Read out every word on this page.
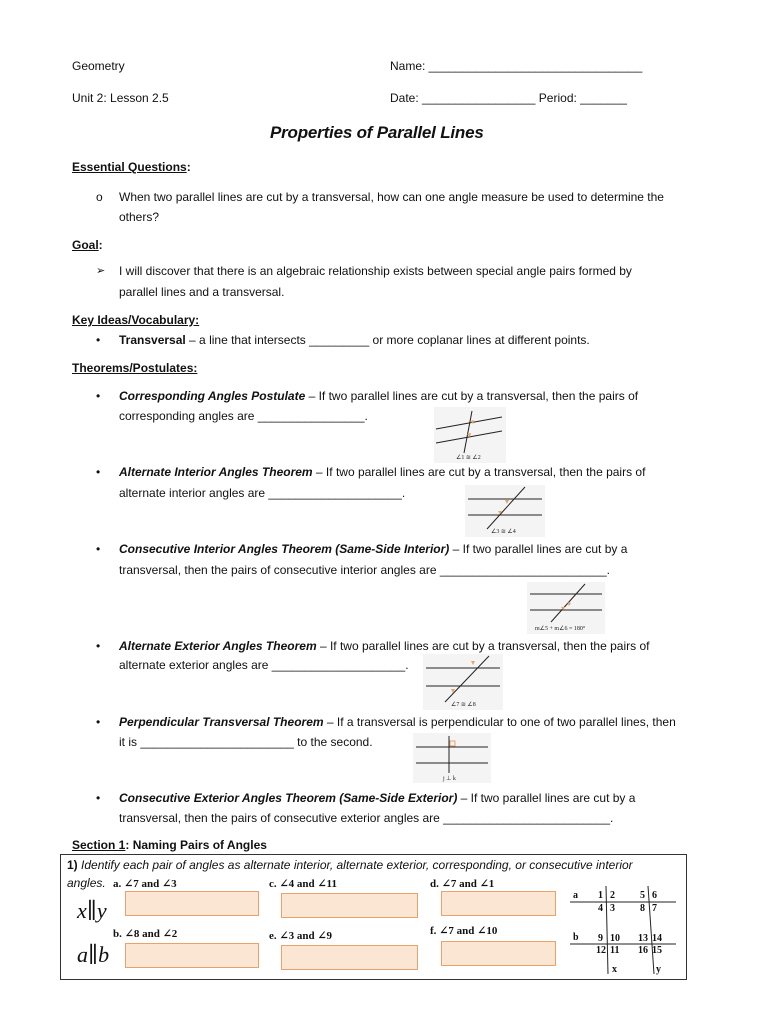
Geometry	Name: ________________________________
Unit 2: Lesson 2.5	Date: _________________ Period: _______
Properties of Parallel Lines
Essential Questions:
o When two parallel lines are cut by a transversal, how can one angle measure be used to determine the
others?
Goal:
➢ I will discover that there is an algebraic relationship exists between special angle pairs formed by
parallel lines and a transversal.
Key Ideas/Vocabulary:
• Transversal – a line that intersects _________ or more coplanar lines at different points.
Theorems/Postulates:
• Corresponding Angles Postulate – If two parallel lines are cut by a transversal, then the pairs of
corresponding angles are ________________.
∠1 ≅ ∠2
• Alternate Interior Angles Theorem – If two parallel lines are cut by a transversal, then the pairs of
alternate interior angles are ____________________.
∠3 ≅ ∠4
• Consecutive Interior Angles Theorem (Same-Side Interior) – If two parallel lines are cut by a
transversal, then the pairs of consecutive interior angles are _________________________.
m∠5 + m∠6 = 180°
• Alternate Exterior Angles Theorem – If two parallel lines are cut by a transversal, then the pairs of
alternate exterior angles are ____________________.
∠7 ≅ ∠8
• Perpendicular Transversal Theorem – If a transversal is perpendicular to one of two parallel lines, then
it is _______________________ to the second.
j ⊥ k
• Consecutive Exterior Angles Theorem (Same-Side Exterior) – If two parallel lines are cut by a
transversal, then the pairs of consecutive exterior angles are _________________________.
Section 1: Naming Pairs of Angles
1) Identify each pair of angles as alternate interior, alternate exterior, corresponding, or consecutive interior
angles.
x∥y
a∥b
a. ∠7 and ∠3	c. ∠4 and ∠11	d. ∠7 and ∠1
b. ∠8 and ∠2	e. ∠3 and ∠9	f. ∠7 and ∠10
a
b
x	y
1 2
4 3
5 6
8 7
9 10
12 11
13 14
16 15
